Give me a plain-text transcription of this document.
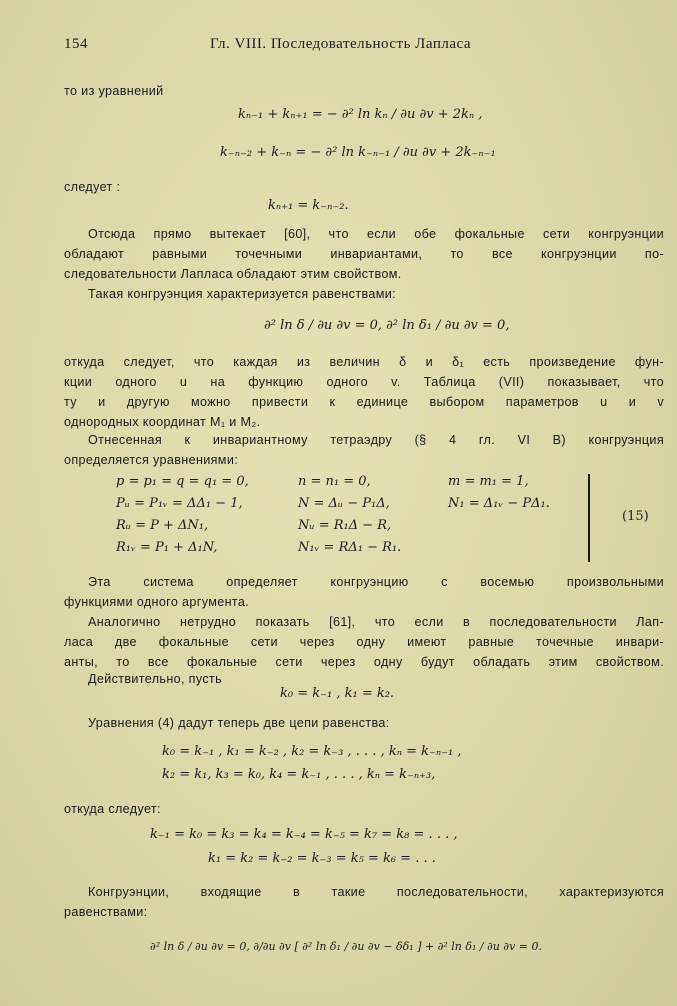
154	Гл. VIII. Последовательность Лапласа
то из уравнений
kₙ₋₁ + kₙ₊₁ = − ∂² ln kₙ / ∂u ∂v + 2kₙ ,
k₋ₙ₋₂ + k₋ₙ = − ∂² ln k₋ₙ₋₁ / ∂u ∂v + 2k₋ₙ₋₁
следует :
kₙ₊₁ = k₋ₙ₋₂.
Отсюда прямо вытекает [60], что если обе фокальные сети конгруэнции
обладают равными точечными инвариантами, то все конгруэнции по-
следовательности Лапласа обладают этим свойством.
Такая конгруэнция характеризуется равенствами:
∂² ln δ / ∂u ∂v = 0, ∂² ln δ₁ / ∂u ∂v = 0,
откуда следует, что каждая из величин δ и δ₁ есть произведение фун-
кции одного u на функцию одного v. Таблица (VII) показывает, что
ту и другую можно привести к единице выбором параметров u и v
однородных координат M₁ и M₂.
Отнесенная к инвариантному тетраэдру (§ 4 гл. VI B) конгруэнция
определяется уравнениями:
p = p₁ = q = q₁ = 0,	n = n₁ = 0,	m = m₁ = 1,
Pᵤ = P₁ᵥ = ΔΔ₁ − 1,	N = Δᵤ − P₁Δ,	N₁ = Δ₁ᵥ − PΔ₁.
Rᵤ = P + ΔN₁,	Nᵤ = R₁Δ − R,
R₁ᵥ = P₁ + Δ₁N,	N₁ᵥ = RΔ₁ − R₁.
(15)
Эта система определяет конгруэнцию с восемью произвольными
функциями одного аргумента.
Аналогично нетрудно показать [61], что если в последовательности Лап-
ласа две фокальные сети через одну имеют равные точечные инвари-
анты, то все фокальные сети через одну будут обладать этим свойством.
Действительно, пусть
k₀ = k₋₁ , k₁ = k₂.
Уравнения (4) дадут теперь две цепи равенства:
k₀ = k₋₁ , k₁ = k₋₂ , k₂ = k₋₃ , . . . , kₙ = k₋ₙ₋₁ ,
k₂ = k₁, k₃ = k₀, k₄ = k₋₁ , . . . , kₙ = k₋ₙ₊₃,
откуда следует:
k₋₁ = k₀ = k₃ = k₄ = k₋₄ = k₋₅ = k₇ = k₈ = . . . ,
k₁ = k₂ = k₋₂ = k₋₃ = k₅ = k₆ = . . .
Конгруэнции, входящие в такие последовательности, характеризуются
равенствами:
∂² ln δ / ∂u ∂v = 0, ∂/∂u ∂v [ ∂² ln δ₁ / ∂u ∂v − δδ₁ ] + ∂² ln δ₁ / ∂u ∂v = 0.
